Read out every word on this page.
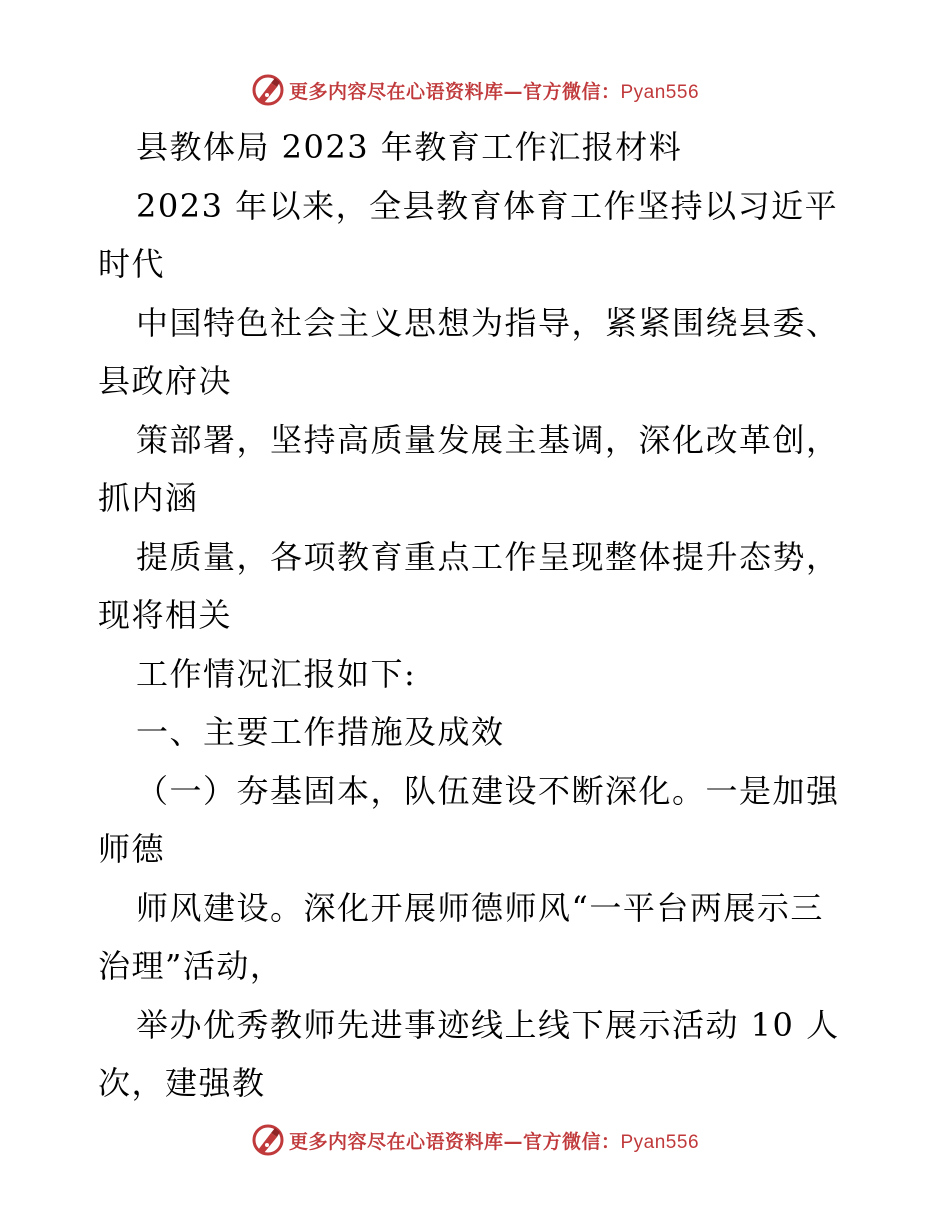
更多内容尽在心语资料库—官方微信：Pyan556
县教体局 2023 年教育工作汇报材料
2023 年以来，全县教育体育工作坚持以习近平
时代
中国特色社会主义思想为指导，紧紧围绕县委、
县政府决
策部署，坚持高质量发展主基调，深化改革创，
抓内涵
提质量，各项教育重点工作呈现整体提升态势，
现将相关
工作情况汇报如下:
一、主要工作措施及成效
（一）夯基固本，队伍建设不断深化。一是加强
师德
师风建设。深化开展师德师风“一平台两展示三
治理”活动，
举办优秀教师先进事迹线上线下展示活动 10 人
次，建强教
更多内容尽在心语资料库—官方微信：Pyan556
